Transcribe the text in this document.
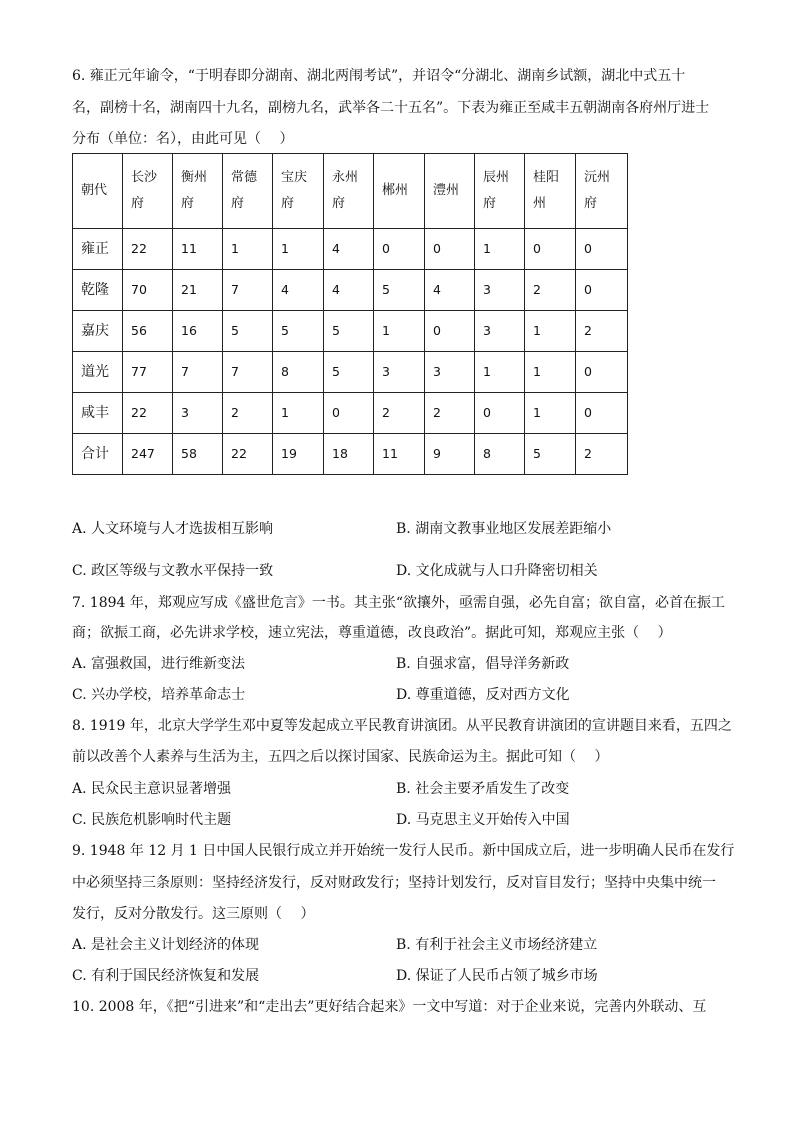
6. 雍正元年谕令，“于明春即分湖南、湖北两闱考试”，并诏令“分湖北、湖南乡试额，湖北中式五十
名，副榜十名，湖南四十九名，副榜九名，武举各二十五名”。下表为雍正至咸丰五朝湖南各府州厅进士
分布（单位：名），由此可见（　 ）
朝代	长沙府	衡州府	常德府	宝庆府	永州府	郴州	澧州	辰州府	桂阳州	沅州府
雍正	22	11	1	1	4	0	0	1	0	0
乾隆	70	21	7	4	4	5	4	3	2	0
嘉庆	56	16	5	5	5	1	0	3	1	2
道光	77	7	7	8	5	3	3	1	1	0
咸丰	22	3	2	1	0	2	2	0	1	0
合计	247	58	22	19	18	11	9	8	5	2
A. 人文环境与人才选拔相互影响	B. 湖南文教事业地区发展差距缩小
C. 政区等级与文教水平保持一致	D. 文化成就与人口升降密切相关
7. 1894 年，郑观应写成《盛世危言》一书。其主张“欲攘外，亟需自强，必先自富；欲自富，必首在振工
商；欲振工商，必先讲求学校，速立宪法，尊重道德，改良政治”。据此可知，郑观应主张（　 ）
A. 富强救国，进行维新变法	B. 自强求富，倡导洋务新政
C. 兴办学校，培养革命志士	D. 尊重道德，反对西方文化
8. 1919 年，北京大学学生邓中夏等发起成立平民教育讲演团。从平民教育讲演团的宣讲题目来看，五四之
前以改善个人素养与生活为主，五四之后以探讨国家、民族命运为主。据此可知（　 ）
A. 民众民主意识显著增强	B. 社会主要矛盾发生了改变
C. 民族危机影响时代主题	D. 马克思主义开始传入中国
9. 1948 年 12 月 1 日中国人民银行成立并开始统一发行人民币。新中国成立后，进一步明确人民币在发行
中必须坚持三条原则：坚持经济发行，反对财政发行；坚持计划发行，反对盲目发行；坚持中央集中统一
发行，反对分散发行。这三原则（　 ）
A. 是社会主义计划经济的体现	B. 有利于社会主义市场经济建立
C. 有利于国民经济恢复和发展	D. 保证了人民币占领了城乡市场
10. 2008 年，《把“引进来”和“走出去”更好结合起来》一文中写道：对于企业来说，完善内外联动、互
